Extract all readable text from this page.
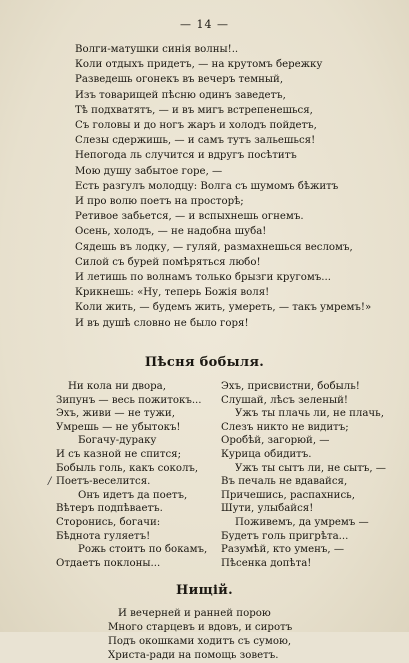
— 14 —
Волги-матушки синія волны!..
Коли отдыхъ придетъ, — на крутомъ бережку
Разведешь огонекъ въ вечеръ темный,
Изъ товарищей пѣсню одинъ заведетъ,
Тѣ подхватятъ, — и въ мигъ встрепенешься,
Съ головы и до ногъ жаръ и холодъ пойдетъ,
Слезы сдержишь, — и самъ тутъ зальешься!
Непогода ль случится и вдругъ посѣтитъ
Мою душу забытое горе, —
Есть разгулъ молодцу: Волга съ шумомъ бѣжитъ
И про волю поетъ на просторѣ;
Ретивое забьется, — и вспыхнешь огнемъ.
Осень, холодъ, — не надобна шуба!
Сядешь въ лодку, — гуляй, размахнешься весломъ,
Силой съ бурей помѣряться любо!
И летишь по волнамъ только брызги кругомъ...
Крикнешь: «Ну, теперь Божія воля!
Коли жить, — будемъ жить, умереть, — такъ умремъ!»
И въ душѣ словно не было горя!
Пѣсня бобыля.
Ни кола ни двора,
Зипунъ — весь пожитокъ...
Эхъ, живи — не тужи,
Умрешь — не убытокъ!
Богачу-дураку
И съ казной не спится;
Бобыль голь, какъ соколъ,
Поетъ-веселится.
Онъ идетъ да поетъ,
Вѣтеръ подпѣваетъ.
Сторонись, богачи:
Бѣднота гуляетъ!
Рожь стоитъ по бокамъ,
Отдаетъ поклоны...
Эхъ, присвистни, бобыль!
Слушай, лѣсъ зеленый!
Ужъ ты плачь ли, не плачь,
Слезъ никто не видитъ;
Оробѣй, загорюй, —
Курица обидитъ.
Ужъ ты сытъ ли, не сытъ, —
Въ печаль не вдавайся,
Причешись, распахнись,
Шути, улыбайся!
Поживемъ, да умремъ —
Будетъ голь пригрѣта...
Разумѣй, кто уменъ, —
Пѣсенка допѣта!
/
Нищій.
И вечерней и ранней порою
Много старцевъ и вдовъ, и сиротъ
Подъ окошками ходитъ съ сумою,
Христа-ради на помощь зоветъ.
